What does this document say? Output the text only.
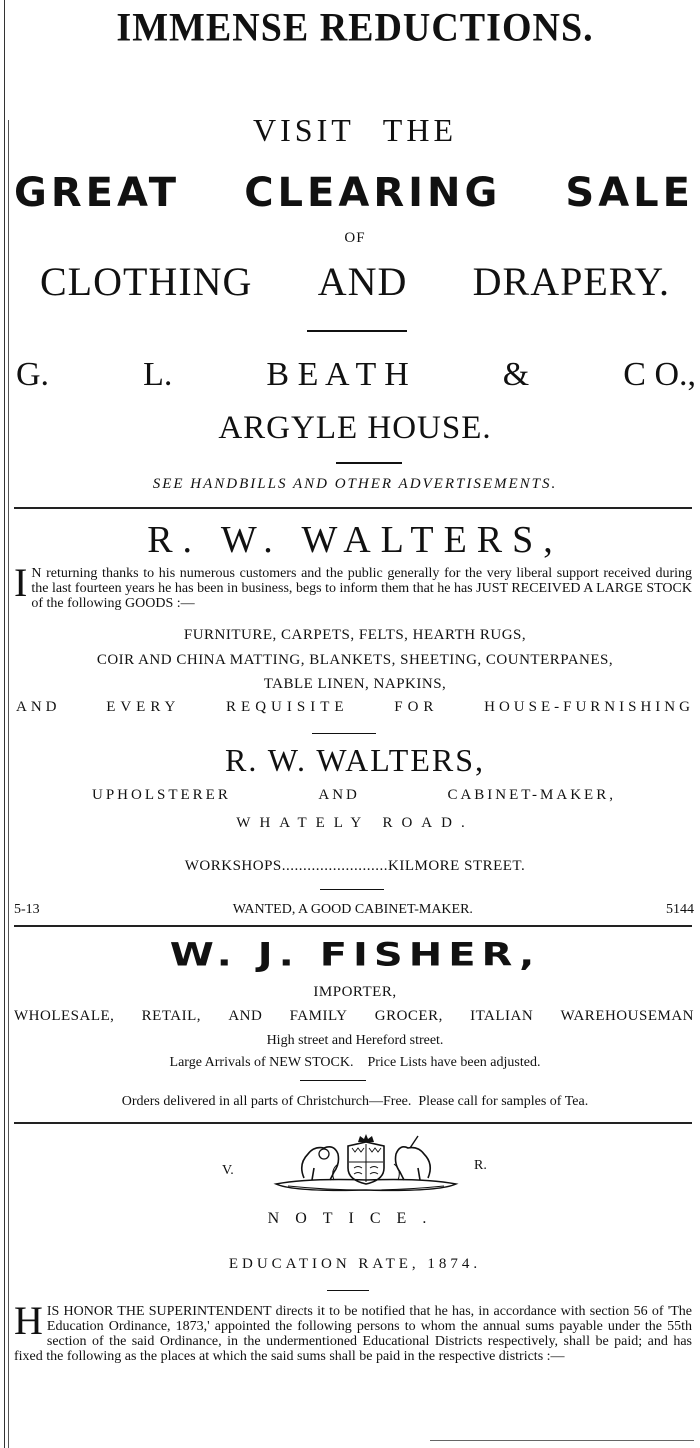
IMMENSE REDUCTIONS.
VISIT THE
GREAT CLEARING SALE
OF
CLOTHING AND DRAPERY.
G.	L.	B E A T H	&	C O.,
ARGYLE HOUSE.
SEE HANDBILLS AND OTHER ADVERTISEMENTS.
R. W. WALTERS,
I N returning thanks to his numerous customers and the public generally for the very liberal support received during the last fourteen years he has been in business, begs to inform them that he has JUST RECEIVED A LARGE STOCK of the following GOODS :—
FURNITURE, CARPETS, FELTS, HEARTH RUGS,
COIR AND CHINA MATTING, BLANKETS, SHEETING, COUNTERPANES,
TABLE LINEN, NAPKINS,
AND	EVERY	REQUISITE	FOR	HOUSE-FURNISHING
R. W. WALTERS,
UPHOLSTERER	AND	CABINET-MAKER,
WHATELY ROAD.
WORKSHOPS.........................KILMORE STREET.
5-13	WANTED, A GOOD CABINET-MAKER.	5144
W. J. FISHER,
IMPORTER,
WHOLESALE, RETAIL, AND FAMILY GROCER, ITALIAN WAREHOUSEMAN
High street and Hereford street.
Large Arrivals of NEW STOCK.    Price Lists have been adjusted.
Orders delivered in all parts of Christchurch—Free.  Please call for samples of Tea.
V.	R.
NOTICE.
EDUCATION RATE, 1874.
HIS HONOR THE SUPERINTENDENT directs it to be notified that he has, in accordance with section 56 of 'The Education Ordinance, 1873,' appointed the following persons to whom the annual sums payable under the 55th section of the said Ordinance, in the undermentioned Educational Districts respectively, shall be paid; and has fixed the following as the places at which the said sums shall be paid in the respective districts :—
